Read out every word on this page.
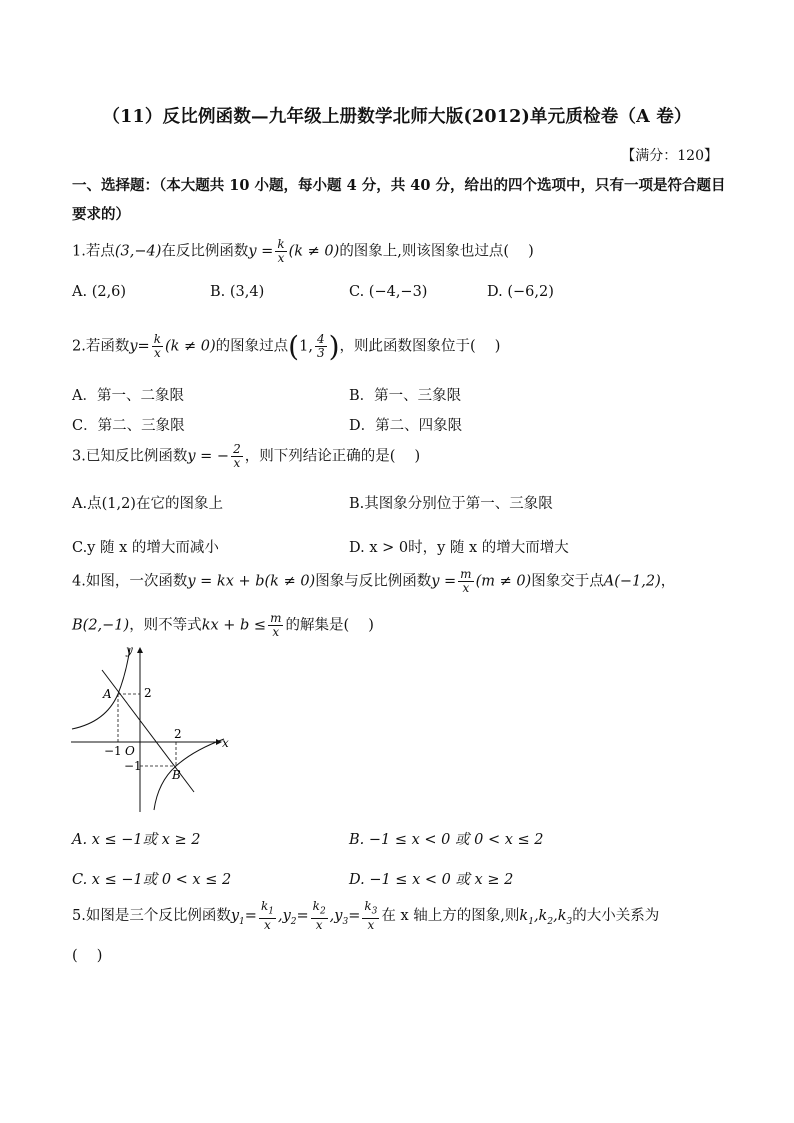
（11）反比例函数—九年级上册数学北师大版(2012)单元质检卷（A 卷）
【满分：120】
一、选择题：（本大题共 10 小题，每小题 4 分，共 40 分，给出的四个选项中，只有一项是符合题目要求的）
1.若点(3,−4)在反比例函数$y = \frac{k}{x} (k \ne 0)$的图象上,则该图象也过点(　 )
A. (2,6)	B. (3,4)	C. (−4,−3)	D. (−6,2)
2.若函数$y= \frac{k}{x} (k \ne 0)$的图象过点(1, $\frac{4}{3}$ )，则此函数图象位于(　 )
A．第一、二象限	B．第一、三象限
C．第二、三象限	D．第二、四象限
3.已知反比例函数y = − $\frac{2}{x}$ ，则下列结论正确的是(　 )
A.点(1,2)在它的图象上	B.其图象分别位于第一、三象限
C.y 随 x 的增大而减小	D. x > 0时，y 随 x 的增大而增大
4.如图，一次函数y = kx + b(k ≠ 0)图象与反比例函数$y = \frac{m}{x} (m \ne 0)$图象交于点A(−1,2)，
B(2,−1)，则不等式kx + $b \le \frac{m}{x}$ 的解集是(　 )
y
x
O
A
B
2
−1
−1
2
A. x ≤ −1或 x ≥ 2	B. −1 ≤ x < 0 或 0 < x ≤ 2
C. x ≤ −1或 0 < x ≤ 2	D. −1 ≤ x < 0 或 x ≥ 2
5.如图是三个反比例函数$y_1= \frac{k_1}{x} ,y_2= \frac{k_2}{x} ,y_3= \frac{k_3}{x}$ 在 x 轴上方的图象,则$k_1,k_2,k_3$的大小关系为
(　 )
